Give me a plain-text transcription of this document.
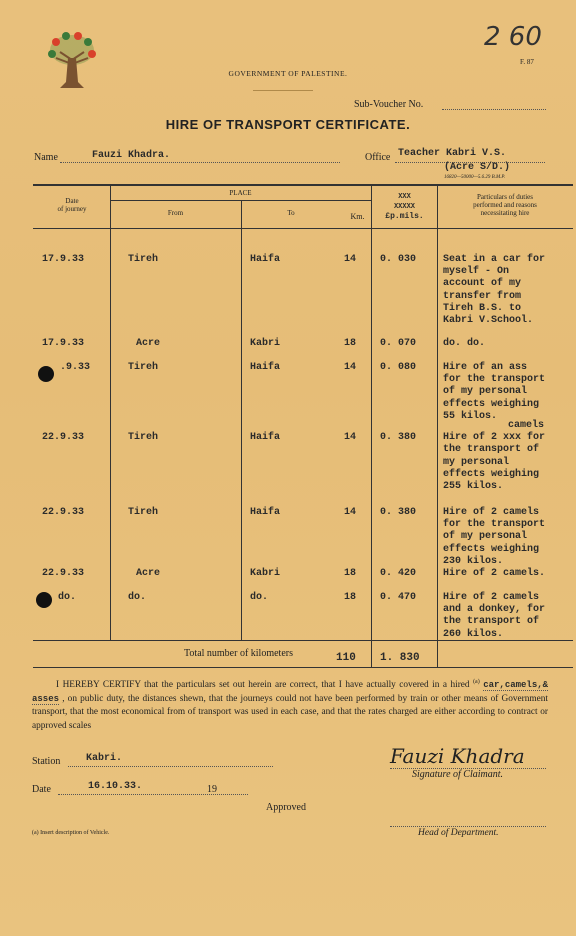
2 60
F. 87
GOVERNMENT OF PALESTINE.
Sub-Voucher No.
HIRE OF TRANSPORT CERTIFICATE.
Name	Fauzi Khadra.	Office Teacher Kabri V.S.
(Acre S/D.)
16820—50000—5.6.29 B.M.P.
Date
of journey
PLACE
From	To	Km.
XXX
XXXXX
£p.mils.
Particulars of duties
performed and reasons
necessitating hire
17.9.33	Tireh	Haifa	14 0. 030	Seat in a car for
myself - On
account of my
transfer from
Tireh B.S. to
Kabri V.School.
17.9.33	Acre	Kabri	18 0. 070	do. do.
.9.33	Tireh	Haifa	14 0. 080	Hire of an ass
for the transport
of my personal
effects weighing
55 kilos.
22.9.33	Tireh	Haifa	14 0. 380
camels
Hire of 2 xxx for
the transport of
my personal
effects weighing
255 kilos.
22.9.33	Tireh	Haifa	14 0. 380	Hire of 2 camels
for the transport
of my personal
effects weighing
230 kilos.
22.9.33	Acre	Kabri	18 0. 420	Hire of 2 camels.
do.	do.	do.	18 0. 470	Hire of 2 camels
and a donkey, for
the transport of
260 kilos.
Total number of kilometers	110 1. 830
I HEREBY CERTIFY that the particulars set out herein are correct, that I have actually covered in a hired $^{(a)}$ car,camels,& asses , on public duty, the distances shewn, that the journeys could not have been performed by train or other means of Government transport, that the most economical from of transport was used in each case, and that the rates charged are either according to contract or approved scales
Station	Kabri.	Fauzi Khadra
Signature of Claimant.
Date	16.10.33.	19
Approved
(a) Insert description of Vehicle.	Head of Department.
